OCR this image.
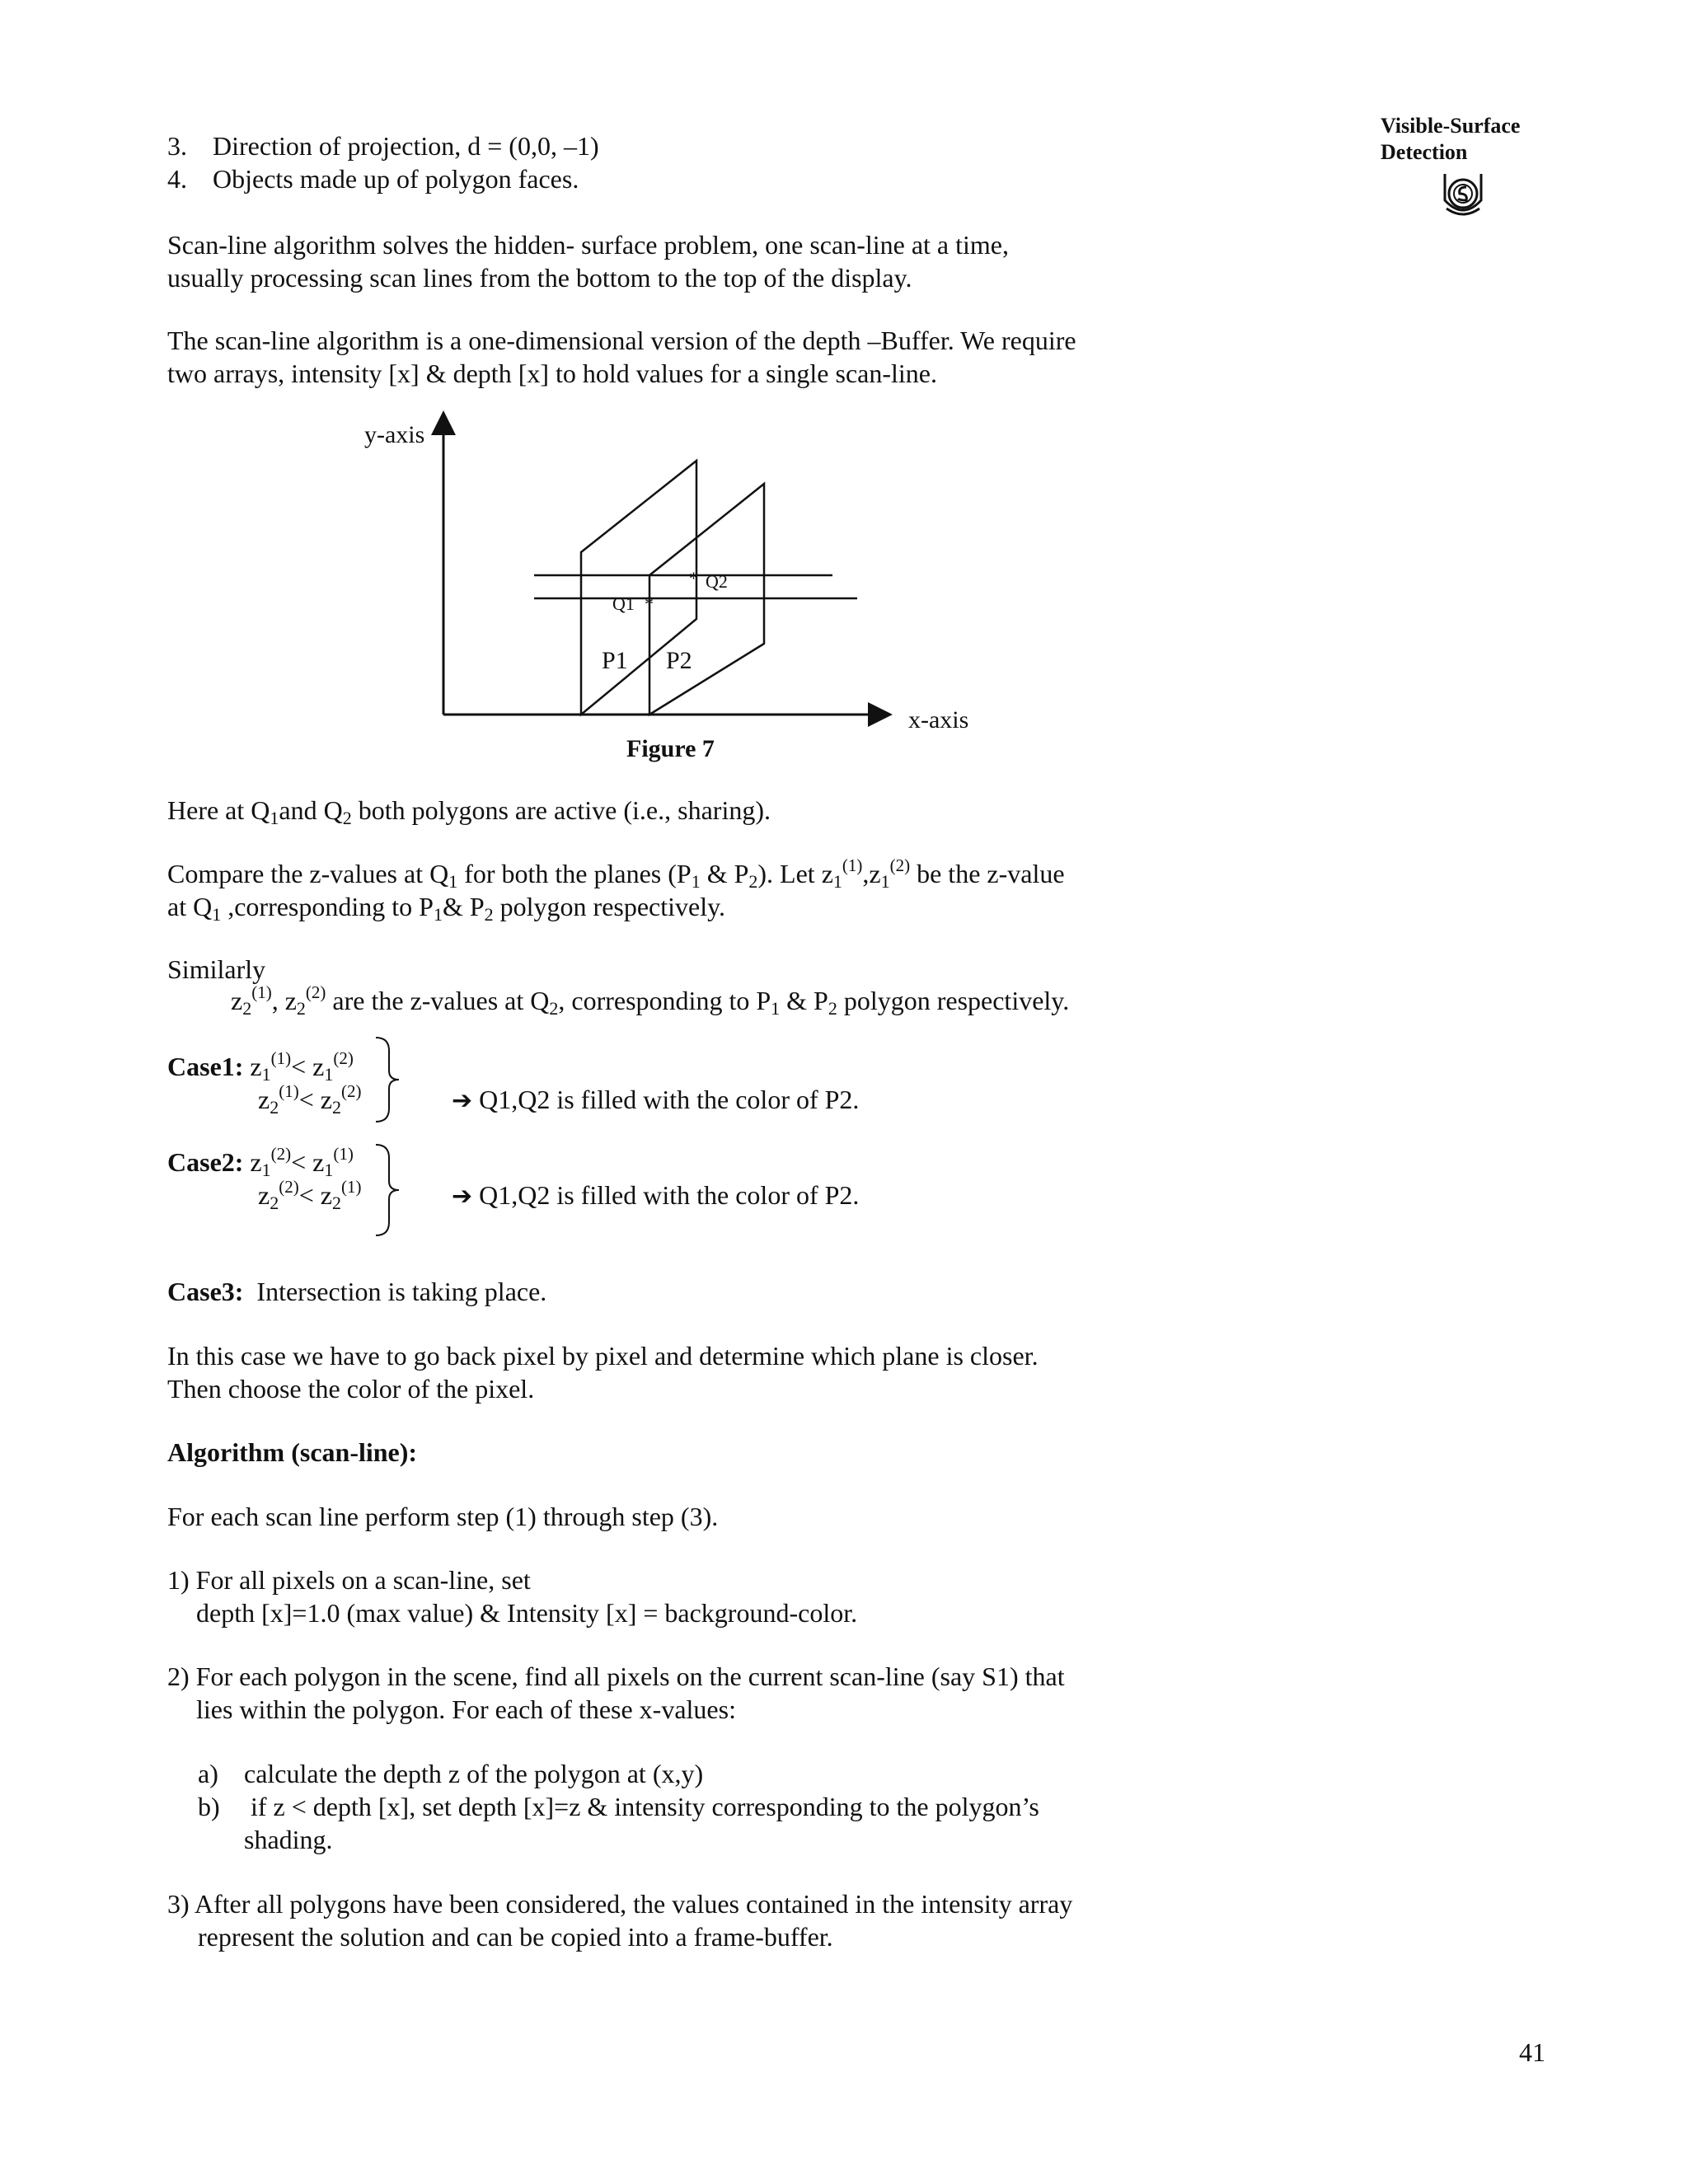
Visible-Surface
Detection
3. Direction of projection, d = (0,0, –1)
4. Objects made up of polygon faces.
Scan-line algorithm solves the hidden- surface problem, one scan-line at a time,
usually processing scan lines from the bottom to the top of the display.
The scan-line algorithm is a one-dimensional version of the depth –Buffer. We require
two arrays, intensity [x] & depth [x] to hold values for a single scan-line.
y-axis
x-axis
*
*
Q1
Q2
P1 P2
Figure 7
Here at $Q_1and$ $Q_2$ both polygons are active (i.e., sharing).
Compare the z-values at $Q_1$ for both the planes ($P_1$ & $P_2$). Let $z_1^{(1)},z_1^{(2)}$ be the z-value
at $Q_1$ ,corresponding to $P_1\&$ $P_2$ polygon respectively.
Similarly
$z_2^{(1)}$, $z_2^{(2)}$ are the z-values at $Q_2$, corresponding to $P_1$ & $P_2$ polygon respectively.
Case1: $z_1^{(1)}< z_1^{(2)}$
$z_2^{(1)}< z_2^{(2)}$	➔ Q1,Q2 is filled with the color of P2.
Case2: $z_1^{(2)}< z_1^{(1)}$
$z_2^{(2)}< z_2^{(1)}$	➔ Q1,Q2 is filled with the color of P2.
Case3: Intersection is taking place.
In this case we have to go back pixel by pixel and determine which plane is closer.
Then choose the color of the pixel.
Algorithm (scan-line):
For each scan line perform step (1) through step (3).
1) For all pixels on a scan-line, set
depth [x]=1.0 (max value) & Intensity [x] = background-color.
2) For each polygon in the scene, find all pixels on the current scan-line (say S1) that
lies within the polygon. For each of these x-values:
a) calculate the depth z of the polygon at (x,y)
b) if z < depth [x], set depth [x]=z & intensity corresponding to the polygon’s
shading.
3) After all polygons have been considered, the values contained in the intensity array
represent the solution and can be copied into a frame-buffer.
41
